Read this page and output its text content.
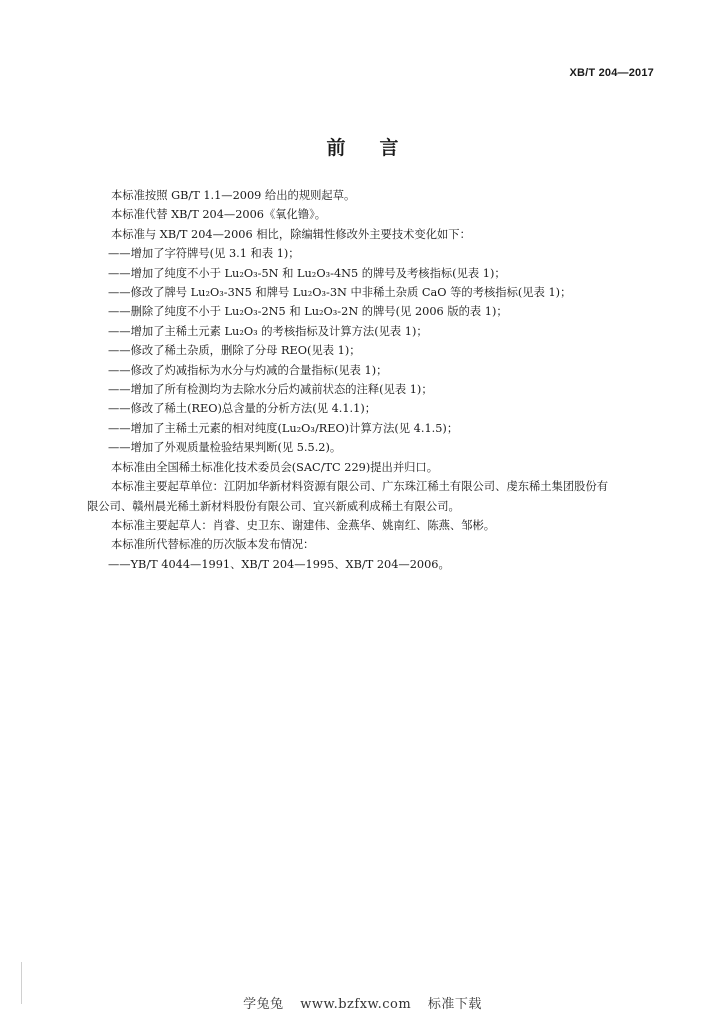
XB/T 204—2017
前言

本标准按照 GB/T 1.1—2009 给出的规则起草。

本标准代替 XB/T 204—2006《氧化镥》。

本标准与 XB/T 204—2006 相比，除编辑性修改外主要技术变化如下：

——增加了字符牌号(见 3.1 和表 1)；

——增加了纯度不小于 Lu₂O₃-5N 和 Lu₂O₃-4N5 的牌号及考核指标(见表 1)；

——修改了牌号 Lu₂O₃-3N5 和牌号 Lu₂O₃-3N 中非稀土杂质 CaO 等的考核指标(见表 1)；

——删除了纯度不小于 Lu₂O₃-2N5 和 Lu₂O₃-2N 的牌号(见 2006 版的表 1)；

——增加了主稀土元素 Lu₂O₃ 的考核指标及计算方法(见表 1)；

——修改了稀土杂质，删除了分母 REO(见表 1)；

——修改了灼减指标为水分与灼减的合量指标(见表 1)；

——增加了所有检测均为去除水分后灼减前状态的注释(见表 1)；

——修改了稀土(REO)总含量的分析方法(见 4.1.1)；

——增加了主稀土元素的相对纯度(Lu₂O₃/REO)计算方法(见 4.1.5)；

——增加了外观质量检验结果判断(见 5.5.2)。

本标准由全国稀土标准化技术委员会(SAC/TC 229)提出并归口。

本标准主要起草单位：江阴加华新材料资源有限公司、广东珠江稀土有限公司、虔东稀土集团股份有

限公司、赣州晨光稀土新材料股份有限公司、宜兴新威利成稀土有限公司。

本标准主要起草人：肖睿、史卫东、谢建伟、金燕华、姚南红、陈燕、邹彬。

本标准所代替标准的历次版本发布情况：

——YB/T 4044—1991、XB/T 204—1995、XB/T 204—2006。

学兔兔 www.bzfxw.com 标准下载
